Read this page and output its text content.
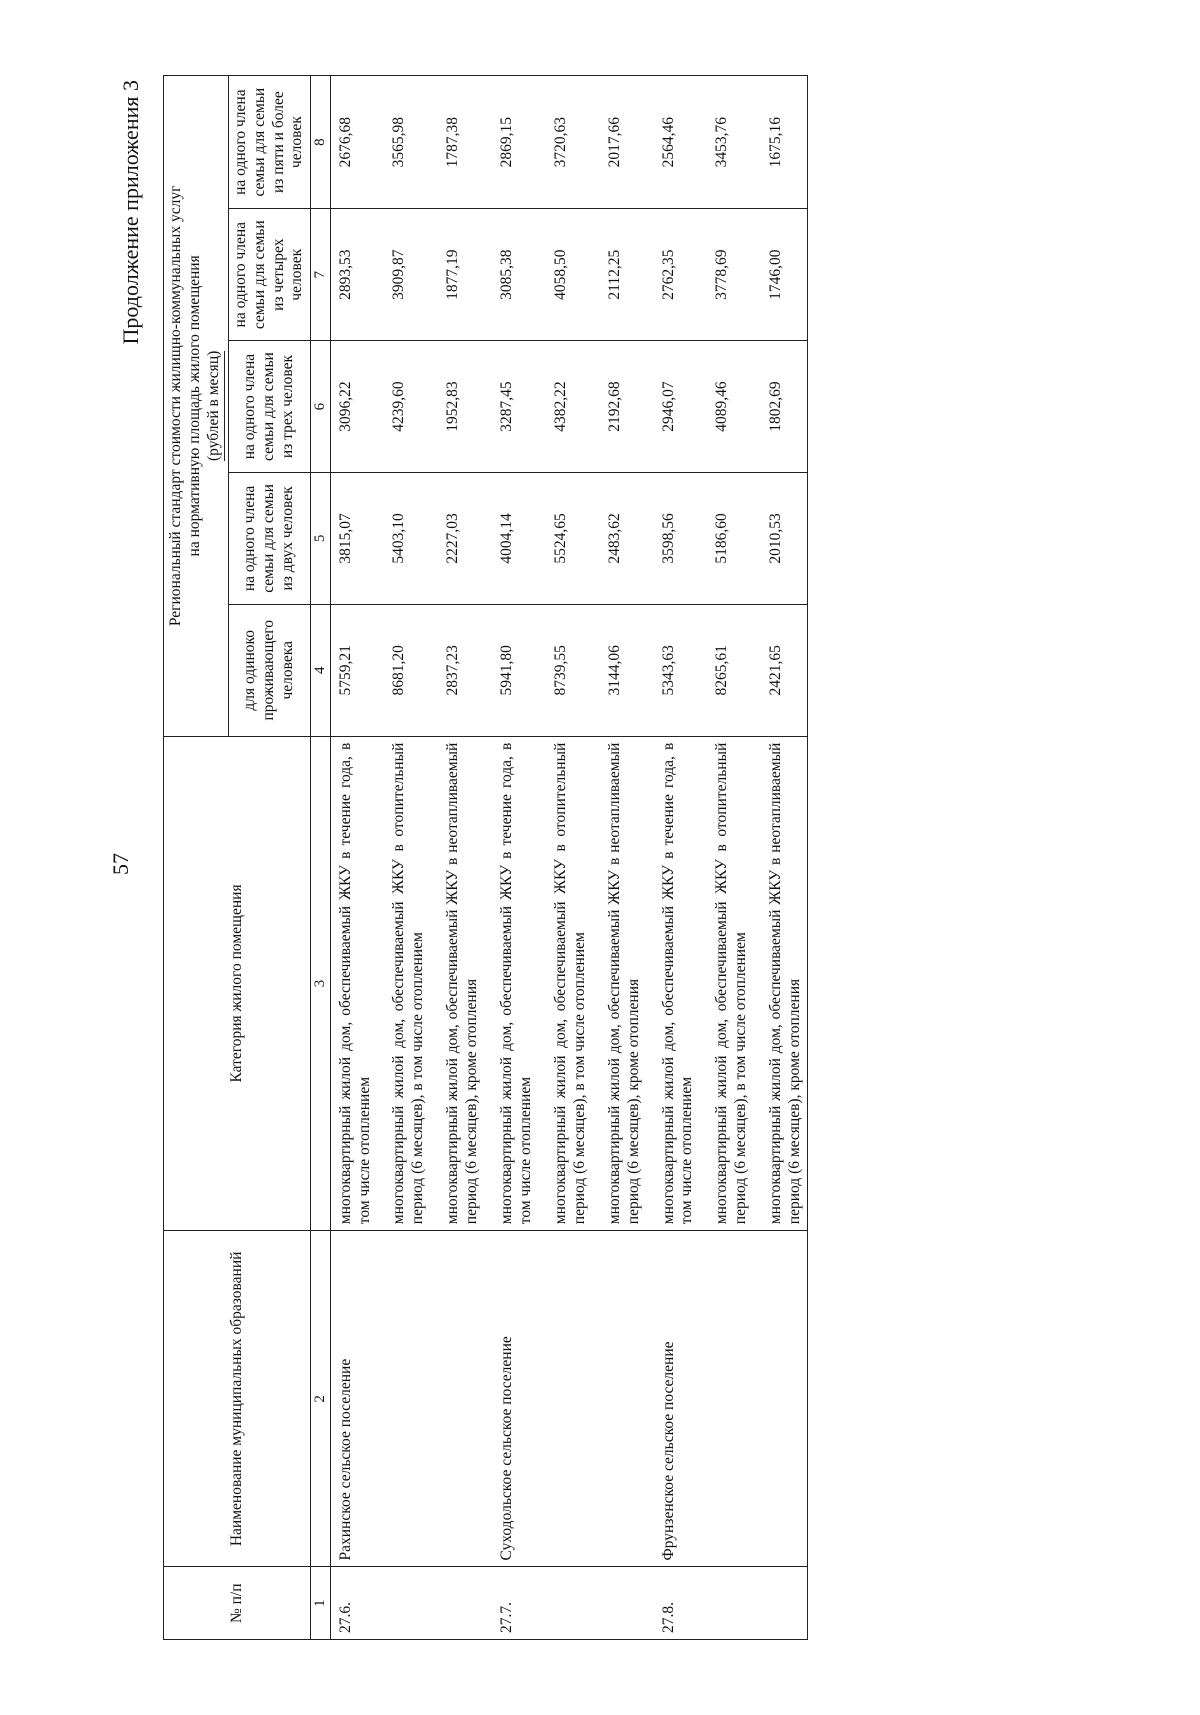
57
Продолжение приложения 3
№ п/п	Наименование муниципальных образований	Категория жилого помещения	Региональный стандарт стоимости жилищно-коммунальных услуг на нормативную площадь жилого помещения (рублей в месяц)				
			для одиноко проживающего человека	на одного члена семьи для семьи из двух человек	на одного члена семьи для семьи из трех человек	на одного члена семьи для семьи из четырех человек	на одного члена семьи для семьи из пяти и более человек
1	2	3	4	5	6	7	8
27.6.	Рахинское сельское поселение	многоквартирный жилой дом, обеспечиваемый ЖКУ в течение года, в том числе отоплением	5759,21	3815,07	3096,22	2893,53	2676,68
		многоквартирный жилой дом, обеспечиваемый ЖКУ в отопительный период (6 месяцев), в том числе отоплением	8681,20	5403,10	4239,60	3909,87	3565,98
		многоквартирный жилой дом, обеспечиваемый ЖКУ в неотапливаемый период (6 месяцев), кроме отопления	2837,23	2227,03	1952,83	1877,19	1787,38
27.7.	Суходольское сельское поселение	многоквартирный жилой дом, обеспечиваемый ЖКУ в течение года, в том числе отоплением	5941,80	4004,14	3287,45	3085,38	2869,15
		многоквартирный жилой дом, обеспечиваемый ЖКУ в отопительный период (6 месяцев), в том числе отоплением	8739,55	5524,65	4382,22	4058,50	3720,63
		многоквартирный жилой дом, обеспечиваемый ЖКУ в неотапливаемый период (6 месяцев), кроме отопления	3144,06	2483,62	2192,68	2112,25	2017,66
27.8.	Фрунзенское сельское поселение	многоквартирный жилой дом, обеспечиваемый ЖКУ в течение года, в том числе отоплением	5343,63	3598,56	2946,07	2762,35	2564,46
		многоквартирный жилой дом, обеспечиваемый ЖКУ в отопительный период (6 месяцев), в том числе отоплением	8265,61	5186,60	4089,46	3778,69	3453,76
		многоквартирный жилой дом, обеспечиваемый ЖКУ в неотапливаемый период (6 месяцев), кроме отопления	2421,65	2010,53	1802,69	1746,00	1675,16
